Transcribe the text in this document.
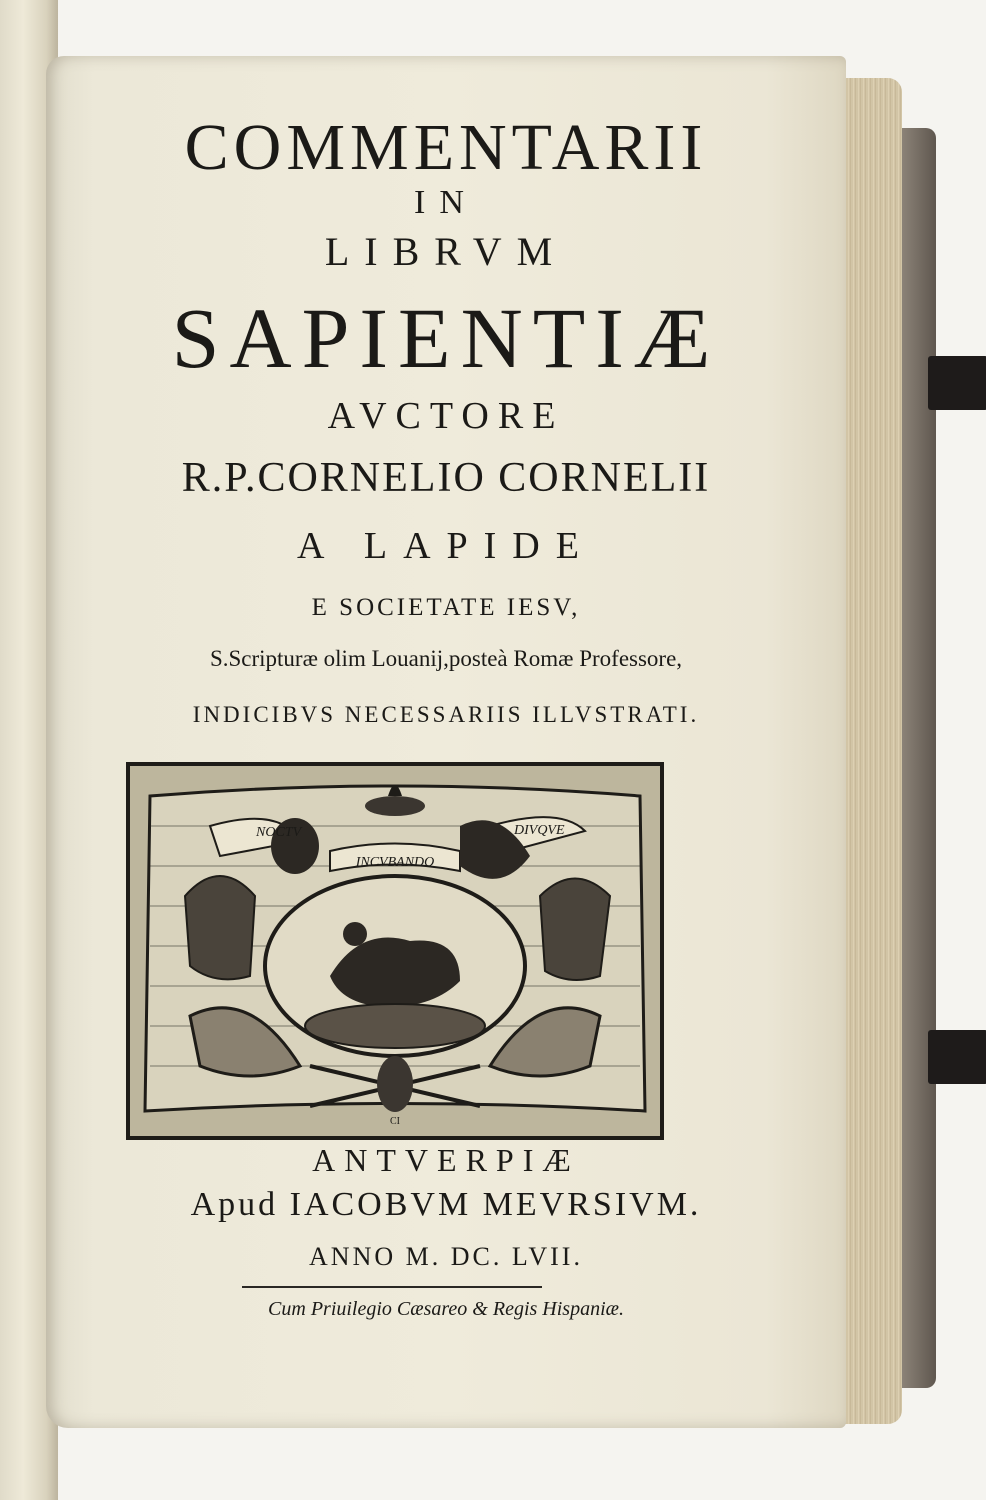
COMMENTARII
IN
LIBRVM
SAPIENTIÆ
AVCTORE
R.P.CORNELIO CORNELII
A LAPIDE
E SOCIETATE IESV,
S.Scripturæ olim Louanij,posteà Romæ Professore,
INDICIBVS NECESSARIIS ILLVSTRATI.
NOCTV	DIVQVE
INCVBANDO
CI
ANTVERPIÆ
Apud IACOBVM MEVRSIVM.
ANNO M. DC. LVII.
Cum Priuilegio Cæsareo & Regis Hispaniæ.
